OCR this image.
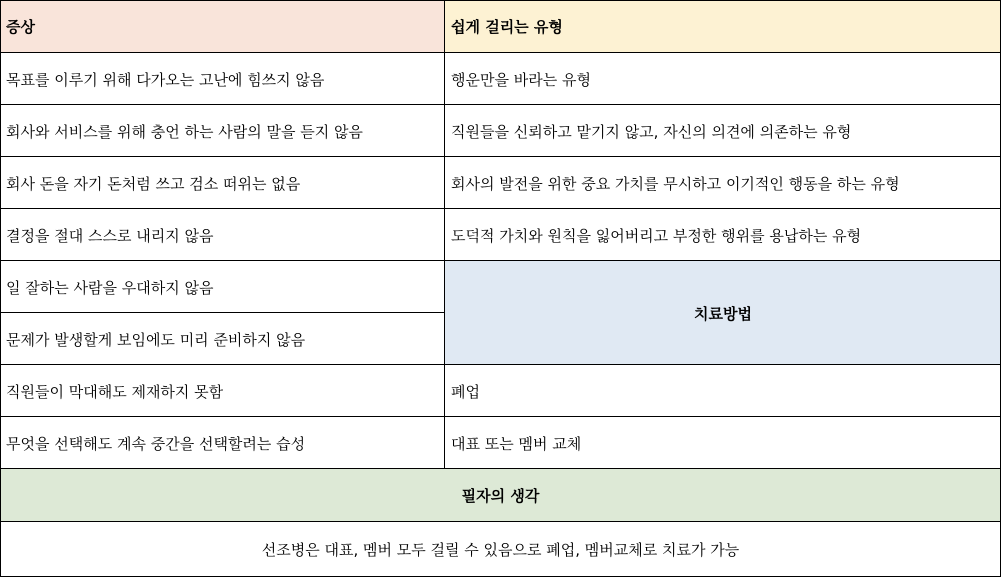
증상	쉽게 걸리는 유형
목표를 이루기 위해 다가오는 고난에 힘쓰지 않음
회사와 서비스를 위해 충언 하는 사람의 말을 듣지 않음
회사 돈을 자기 돈처럼 쓰고 검소 떠위는 없음
결정을 절대 스스로 내리지 않음
일 잘하는 사람을 우대하지 않음
문제가 발생할게 보임에도 미리 준비하지 않음
직원들이 막대해도 제재하지 못함
무엇을 선택해도 계속 중간을 선택할려는 습성
행운만을 바라는 유형
직원들을 신뢰하고 맡기지 않고, 자신의 의견에 의존하는 유형
회사의 발전을 위한 중요 가치를 무시하고 이기적인 행동을 하는 유형
도덕적 가치와 원칙을 잃어버리고 부정한 행위를 용납하는 유형
치료방법
폐업
대표 또는 멤버 교체
필자의 생각
선조병은 대표, 멤버 모두 걸릴 수 있음으로 폐업, 멤버교체로 치료가 가능
